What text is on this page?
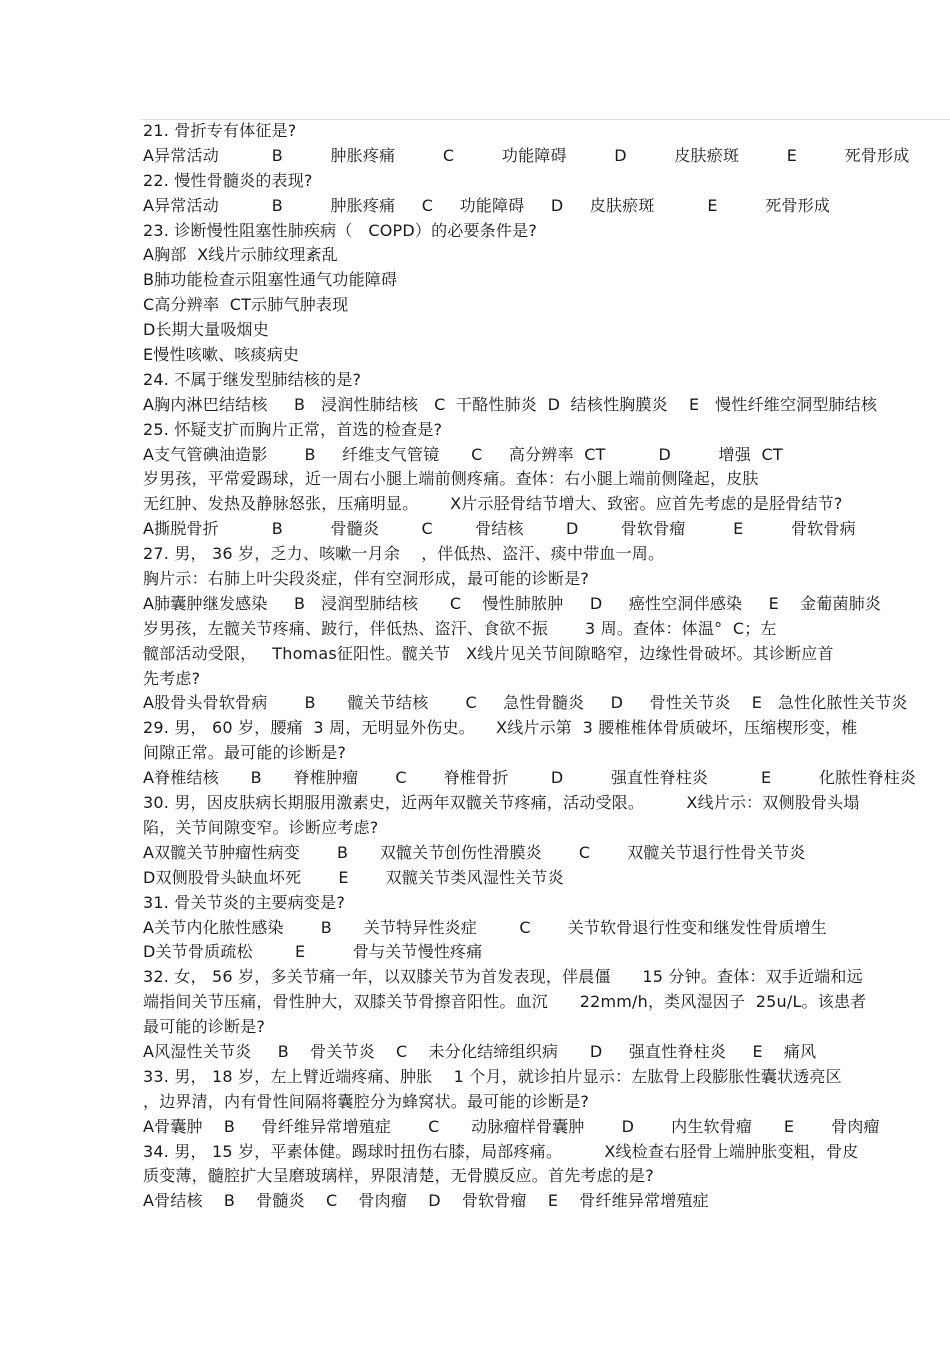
21. 骨折专有体征是?
A异常活动          B         肿胀疼痛         C         功能障碍         D         皮肤瘀斑         E         死骨形成
22. 慢性骨髓炎的表现?
A异常活动          B         肿胀疼痛     C     功能障碍     D     皮肤瘀斑          E         死骨形成
23. 诊断慢性阻塞性肺疾病（   COPD）的必要条件是?
A胸部  X线片示肺纹理紊乱
B肺功能检查示阻塞性通气功能障碍
C高分辨率  CT示肺气肿表现
D长期大量吸烟史
E慢性咳嗽、咳痰病史
24. 不属于继发型肺结核的是?
A胸内淋巴结结核     B   浸润性肺结核   C  干酪性肺炎  D  结核性胸膜炎    E   慢性纤维空洞型肺结核
25. 怀疑支扩而胸片正常，首选的检查是?
A支气管碘油造影       B     纤维支气管镜      C     高分辨率  CT          D         增强  CT
岁男孩，平常爱踢球，近一周右小腿上端前侧疼痛。查体：右小腿上端前侧隆起，皮肤
无红肿、发热及静脉怒张，压痛明显。      X片示胫骨结节增大、致密。应首先考虑的是胫骨结节?
A撕脱骨折          B         骨髓炎        C        骨结核        D        骨软骨瘤         E         骨软骨病
27. 男， 36 岁，乏力、咳嗽一月余    ，伴低热、盗汗、痰中带血一周。
胸片示：右肺上叶尖段炎症，伴有空洞形成，最可能的诊断是?
A肺囊肿继发感染     B   浸润型肺结核      C    慢性肺脓肿     D     癌性空洞伴感染     E    金葡菌肺炎
岁男孩，左髋关节疼痛、跛行，伴低热、盗汗、食欲不振       3 周。查体：体温°  C；左
髋部活动受限，   Thomas征阳性。髋关节   X线片见关节间隙略窄，边缘性骨破坏。其诊断应首
先考虑?
A股骨头骨软骨病       B      髋关节结核       C     急性骨髓炎     D     骨性关节炎    E   急性化脓性关节炎
29. 男， 60 岁，腰痛  3 周，无明显外伤史。    X线片示第  3 腰椎椎体骨质破坏，压缩楔形变，椎
间隙正常。最可能的诊断是?
A脊椎结核      B      脊椎肿瘤       C       脊椎骨折        D         强直性脊柱炎          E         化脓性脊柱炎
30. 男，因皮肤病长期服用激素史，近两年双髋关节疼痛，活动受限。        X线片示：双侧股骨头塌
陷，关节间隙变窄。诊断应考虑?
A双髋关节肿瘤性病变       B      双髋关节创伤性滑膜炎       C       双髋关节退行性骨关节炎
D双侧股骨头缺血坏死       E       双髋关节类风湿性关节炎
31. 骨关节炎的主要病变是?
A关节内化脓性感染       B      关节特异性炎症        C       关节软骨退行性变和继发性骨质增生
D关节骨质疏松        E         骨与关节慢性疼痛
32. 女， 56 岁，多关节痛一年，以双膝关节为首发表现，伴晨僵      15 分钟。查体：双手近端和远
端指间关节压痛，骨性肿大，双膝关节骨擦音阳性。血沉      22mm/h，类风湿因子  25u/L。该患者
最可能的诊断是?
A风湿性关节炎     B    骨关节炎    C    未分化结缔组织病      D     强直性脊柱炎     E    痛风
33. 男， 18 岁，左上臂近端疼痛、肿胀    1 个月，就诊拍片显示：左肱骨上段膨胀性囊状透亮区
，边界清，内有骨性间隔将囊腔分为蜂窝状。最可能的诊断是?
A骨囊肿    B     骨纤维异常增殖症       C      动脉瘤样骨囊肿       D       内生软骨瘤      E       骨肉瘤
34. 男， 15 岁，平素体健。踢球时扭伤右膝，局部疼痛。        X线检查右胫骨上端肿胀变粗，骨皮
质变薄，髓腔扩大呈磨玻璃样，界限清楚，无骨膜反应。首先考虑的是?
A骨结核    B    骨髓炎    C    骨肉瘤    D    骨软骨瘤    E    骨纤维异常增殖症
